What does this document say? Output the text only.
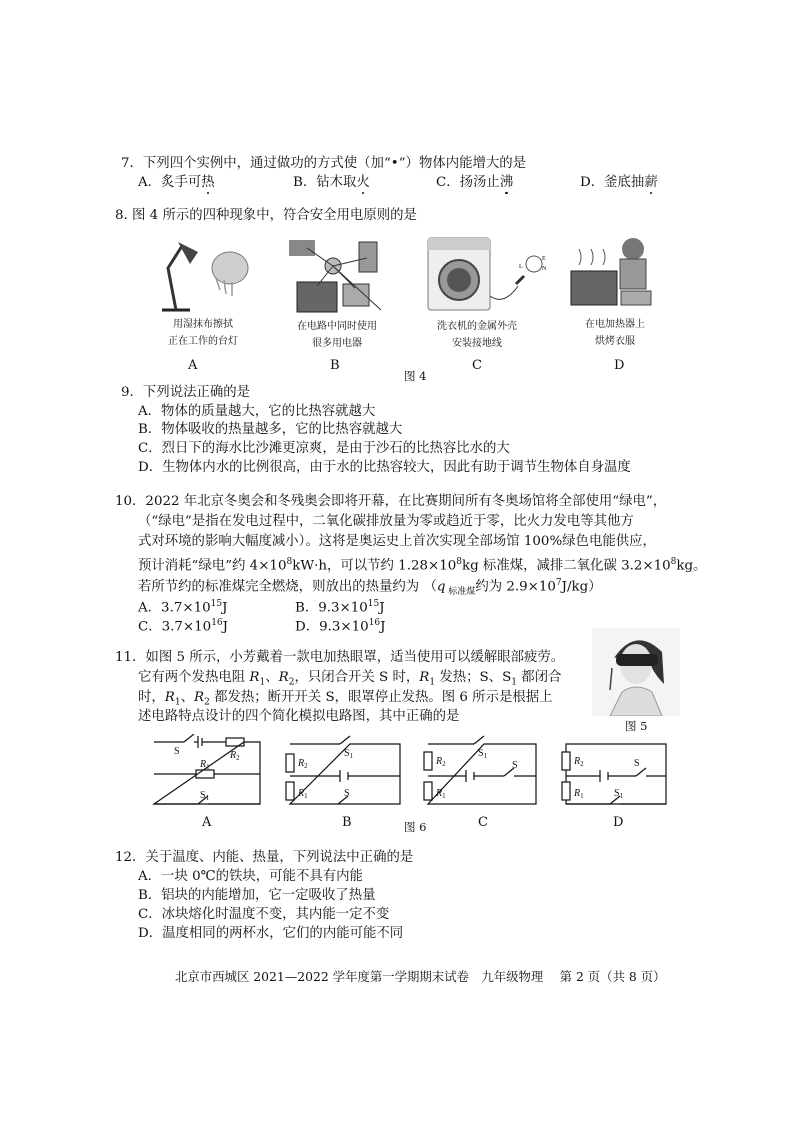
7．下列四个实例中，通过做功的方式使（加“•”）物体内能增大的是
A．炙手可热	B．钻木取火	C．扬汤止沸	D．釜底抽薪
8. 图 4 所示的四种现象中，符合安全用电原则的是
用湿抹布擦拭
正在工作的台灯
A
在电路中同时使用
很多用电器
B
L
E
N
洗衣机的金属外壳
安装接地线
C
在电加热器上
烘烤衣服
D
图 4
9．下列说法正确的是
A．物体的质量越大，它的比热容就越大
B．物体吸收的热量越多，它的比热容就越大
C．烈日下的海水比沙滩更凉爽，是由于沙石的比热容比水的大
D．生物体内水的比例很高，由于水的比热容较大，因此有助于调节生物体自身温度
10．2022 年北京冬奥会和冬残奥会即将开幕，在比赛期间所有冬奥场馆将全部使用“绿电”，
（“绿电”是指在发电过程中，二氧化碳排放量为零或趋近于零，比火力发电等其他方
式对环境的影响大幅度减小）。这将是奥运史上首次实现全部场馆 100%绿色电能供应，
预计消耗“绿电”约 $4\times 10^8kW\cdot h$，可以节约 $1.28\times 10^8kg$ 标准煤，减排二氧化碳 $3.2\times 10^8kg$。
若所节约的标准煤完全燃烧，则放出的热量约为 （q $_{标准煤}$约为 $2.9\times 10^7J/kg$）
A．$3.7\times 10^{15}J$	B．$9.3\times 10^{15}J$
C．$3.7\times 10^{16}J$	D．$9.3\times 10^{16}J$
11．如图 5 所示，小芳戴着一款电加热眼罩，适当使用可以缓解眼部疲劳。
它有两个发热电阻 $R_1$、$R_2$，只闭合开关 S 时，$R_1$ 发热；S、$S_1$ 都闭合
时，$R_1$、$R_2$ 都发热；断开开关 S，眼罩停止发热。图 6 所示是根据上
述电路特点设计的四个简化模拟电路图，其中正确的是
图 5
S	$R_2$
$R_1$
$S_1$
$S_1$
$R_2$
$R_1$	S
$S_1$
$R_2$
$R_1$
S	$R_2$
$R_1$
S
$S_1$
A	B	C	D
图 6
12．关于温度、内能、热量，下列说法中正确的是
A．一块 0℃的铁块，可能不具有内能
B．铝块的内能增加，它一定吸收了热量
C．冰块熔化时温度不变，其内能一定不变
D．温度相同的两杯水，它们的内能可能不同
北京市西城区 2021—2022 学年度第一学期期末试卷　九年级物理　 第 2 页（共 8 页）
